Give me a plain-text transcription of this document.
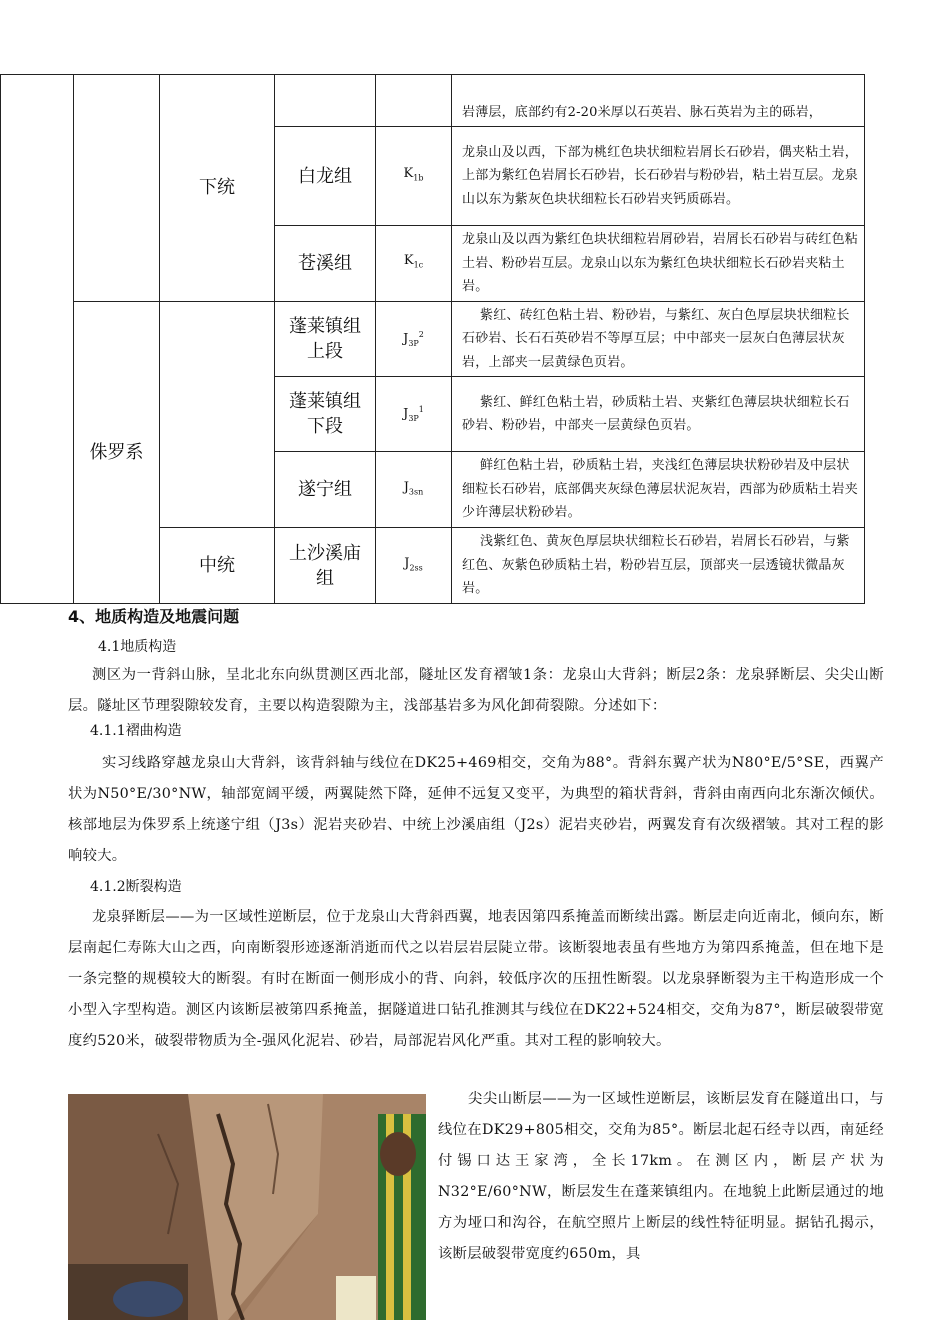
		下统			岩薄层，底部约有2-20米厚以石英岩、脉石英岩为主的砾岩，
			白龙组	$K_{1b}$	龙泉山及以西，下部为桃红色块状细粒岩屑长石砂岩，偶夹粘土岩，上部为紫红色岩屑长石砂岩，长石砂岩与粉砂岩，粘土岩互层。龙泉山以东为紫灰色块状细粒长石砂岩夹钙质砾岩。
			苍溪组	$K_{1c}$	龙泉山及以西为紫红色块状细粒岩屑砂岩，岩屑长石砂岩与砖红色粘土岩、粉砂岩互层。龙泉山以东为紫红色块状细粒长石砂岩夹粘土岩。
	侏罗系		蓬莱镇组上段	$J_{3P}^2$	紫红、砖红色粘土岩、粉砂岩，与紫红、灰白色厚层块状细粒长石砂岩、长石石英砂岩不等厚互层；中中部夹一层灰白色薄层状灰岩，上部夹一层黄绿色页岩。
			蓬莱镇组下段	$J_{3P}^1$	紫红、鲜红色粘土岩，砂质粘土岩、夹紫红色薄层块状细粒长石砂岩、粉砂岩，中部夹一层黄绿色页岩。
			遂宁组	$J_{3sn}$	鲜红色粘土岩，砂质粘土岩，夹浅红色薄层块状粉砂岩及中层状细粒长石砂岩，底部偶夹灰绿色薄层状泥灰岩，西部为砂质粘土岩夹少许薄层状粉砂岩。
		中统	上沙溪庙组	$J_{2ss}$	浅紫红色、黄灰色厚层块状细粒长石砂岩，岩屑长石砂岩，与紫红色、灰紫色砂质粘土岩，粉砂岩互层，顶部夹一层透镜状微晶灰岩。
4、地质构造及地震问题
4.1地质构造

测区为一背斜山脉，呈北北东向纵贯测区西北部，隧址区发育褶皱1条：龙泉山大背斜；断层2条：龙泉驿断层、尖尖山断层。隧址区节理裂隙较发育，主要以构造裂隙为主，浅部基岩多为风化卸荷裂隙。分述如下：

4.1.1褶曲构造

实习线路穿越龙泉山大背斜，该背斜轴与线位在DK25+469相交，交角为88°。背斜东翼产状为N80°E/5°SE，西翼产状为N50°E/30°NW，轴部宽阔平缓，两翼陡然下降，延伸不远复又变平，为典型的箱状背斜，背斜由南西向北东渐次倾伏。核部地层为侏罗系上统遂宁组（J3s）泥岩夹砂岩、中统上沙溪庙组（J2s）泥岩夹砂岩，两翼发育有次级褶皱。其对工程的影响较大。

4.1.2断裂构造

龙泉驿断层——为一区域性逆断层，位于龙泉山大背斜西翼，地表因第四系掩盖而断续出露。断层走向近南北，倾向东，断层南起仁寿陈大山之西，向南断裂形迹逐渐消逝而代之以岩层岩层陡立带。该断裂地表虽有些地方为第四系掩盖，但在地下是一条完整的规模较大的断裂。有时在断面一侧形成小的背、向斜，较低序次的压扭性断裂。以龙泉驿断裂为主干构造形成一个小型入字型构造。测区内该断层被第四系掩盖，据隧道进口钻孔推测其与线位在DK22+524相交，交角为87°，断层破裂带宽度约520米，破裂带物质为全-强风化泥岩、砂岩，局部泥岩风化严重。其对工程的影响较大。

尖尖山断层——为一区域性逆断层，该断层发育在隧道出口，与线位在DK29+805相交，交角为85°。断层北起石经寺以西，南延经付锡口达王家湾，全长17km。在测区内，断层产状为N32°E/60°NW，断层发生在蓬莱镇组内。在地貌上此断层通过的地方为垭口和沟谷，在航空照片上断层的线性特征明显。据钻孔揭示，该断层破裂带宽度约650m，具
